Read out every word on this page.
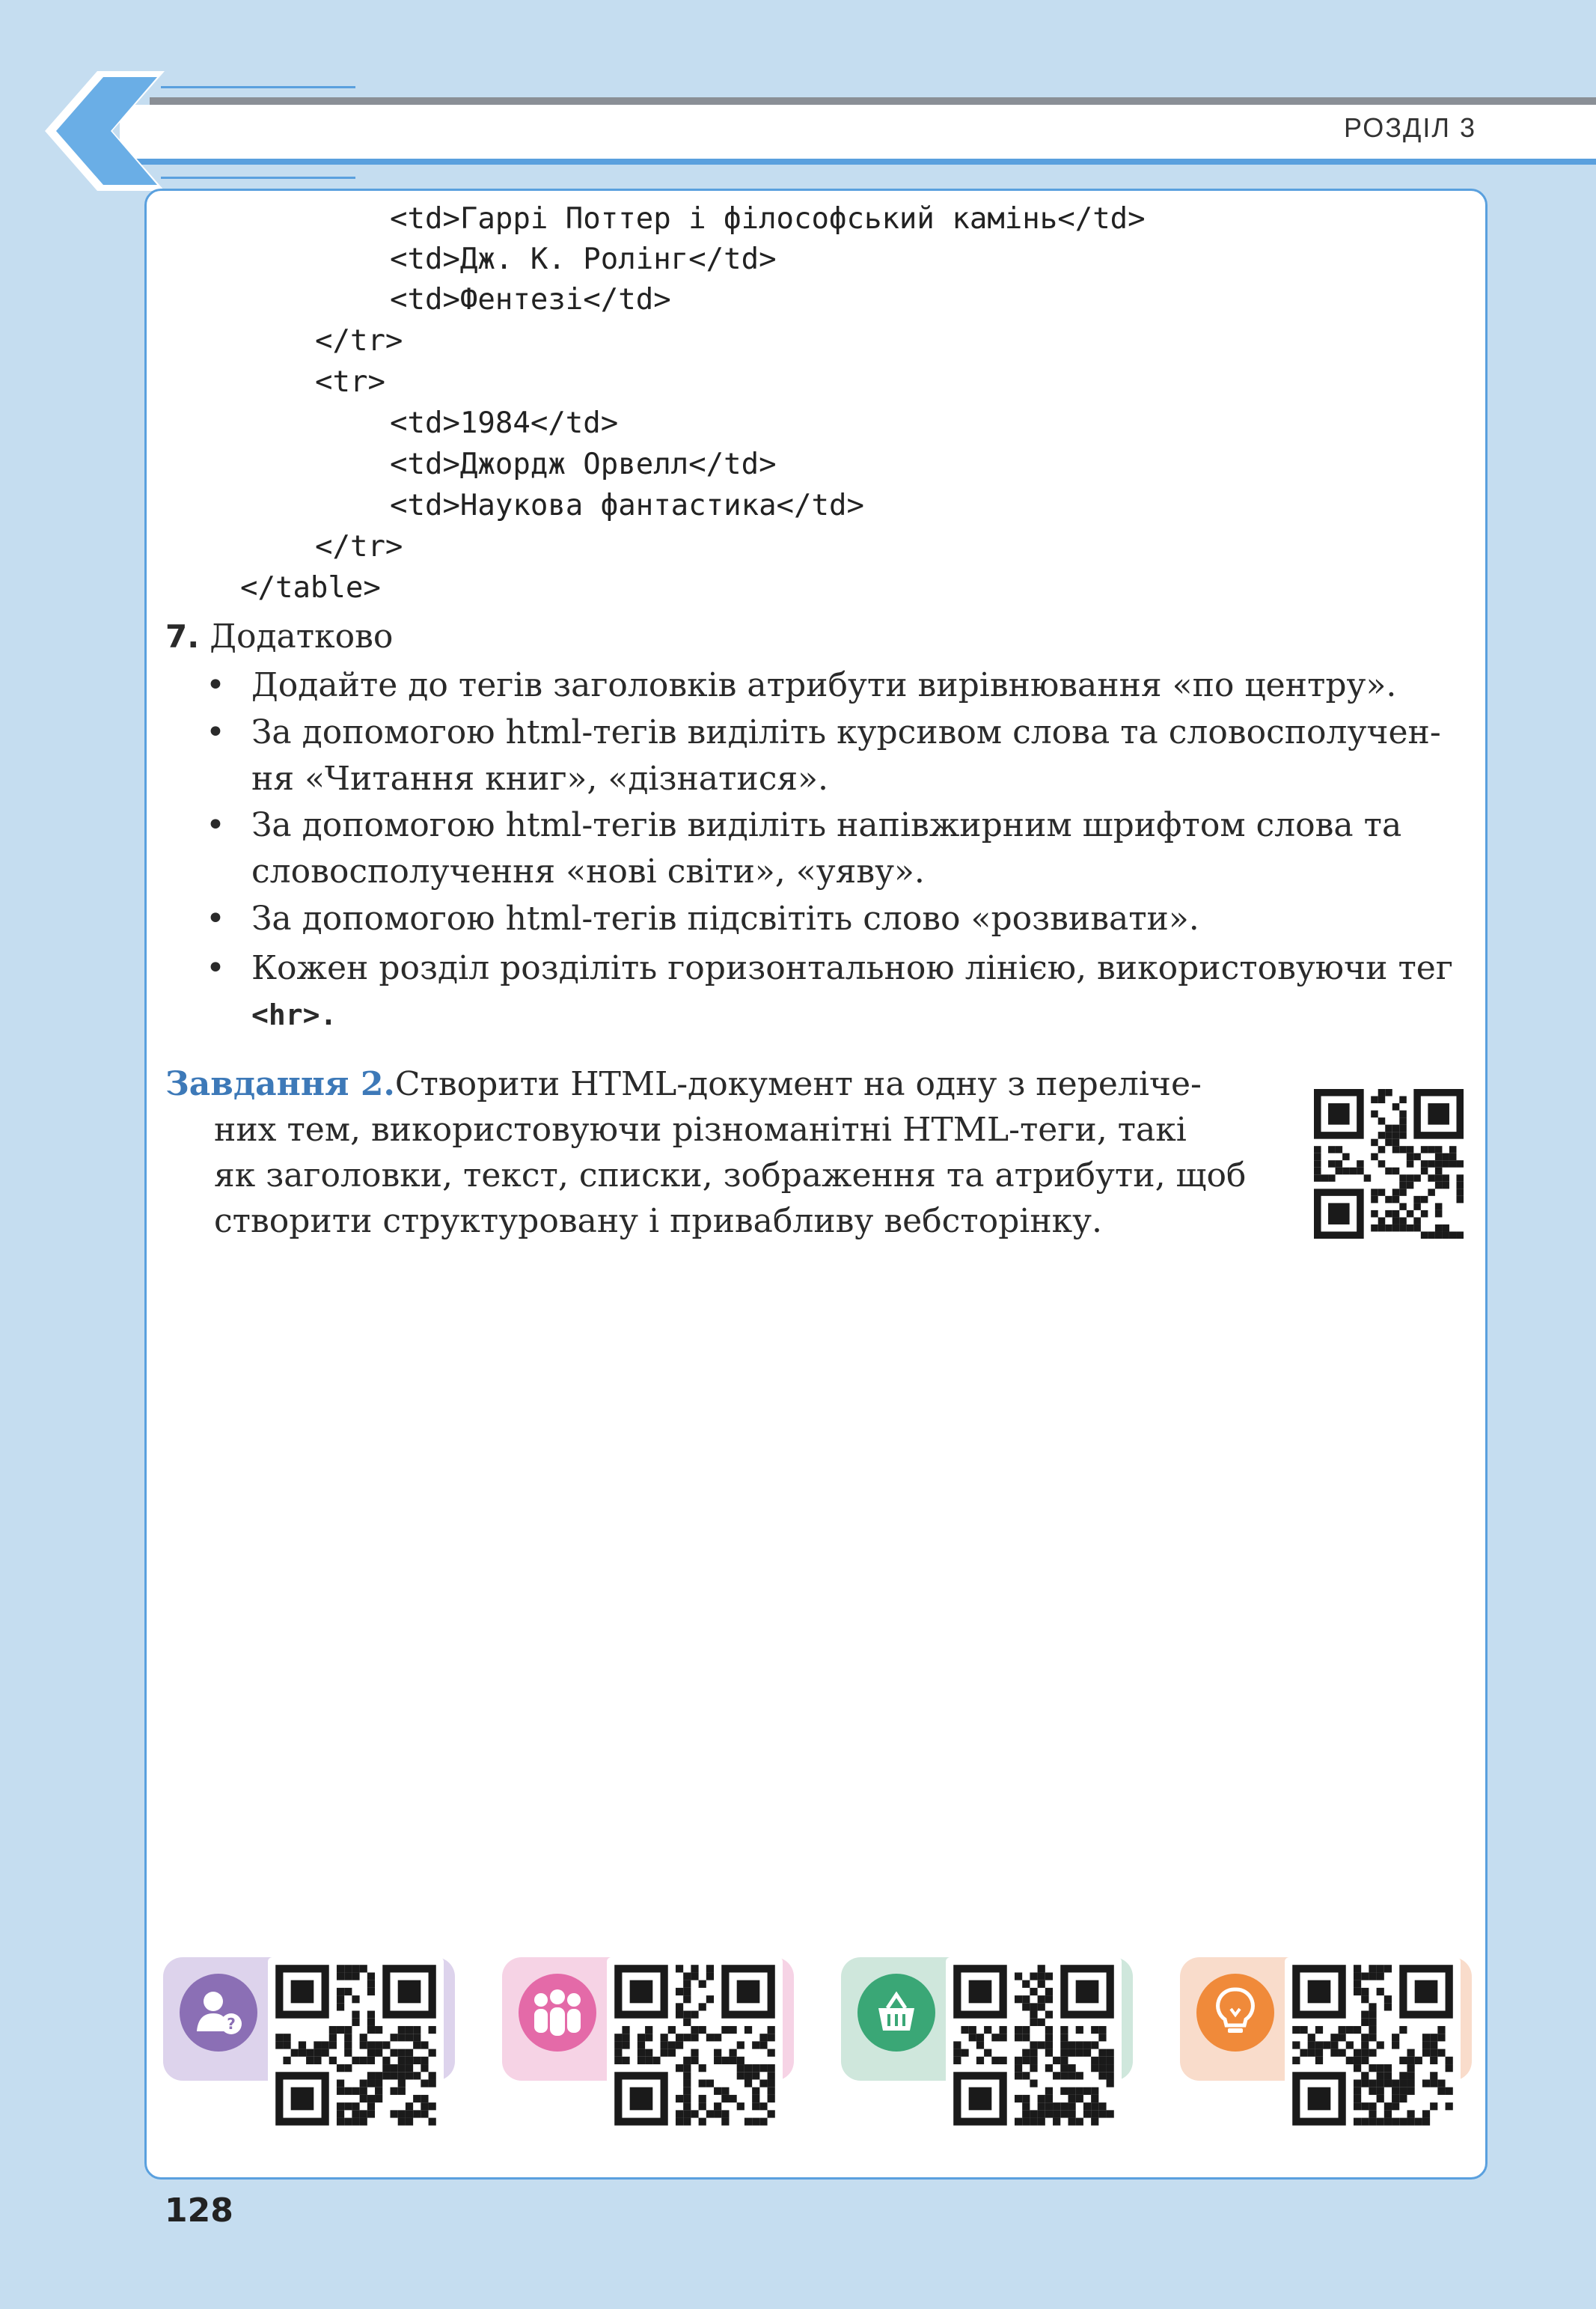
РОЗДІЛ 3
<td>Гаррі Поттер і філософський камінь</td>
<td>Дж. К. Ролінг</td>
<td>Фентезі</td>
</tr>
<tr>
<td>1984</td>
<td>Джордж Орвелл</td>
<td>Наукова фантастика</td>
</tr>
</table>
7. Додатково
• Додайте до тегів заголовків атрибути вирівнювання «по центру».
• За допомогою html-тегів виділіть курсивом слова та словосполучен-
ня «Читання книг», «дізнатися».
• За допомогою html-тегів виділіть напівжирним шрифтом слова та
словосполучення «нові світи», «уяву».
• За допомогою html-тегів підсвітіть слово «розвивати».
• Кожен розділ розділіть горизонтальною лінією, використовуючи тег
<hr>.
Завдання 2.Створити HTML-документ на одну з переліче-
них тем, використовуючи різноманітні HTML-теги, такі
як заголовки, текст, списки, зображення та атрибути, щоб
створити структуровану і привабливу вебсторінку.
?
128
